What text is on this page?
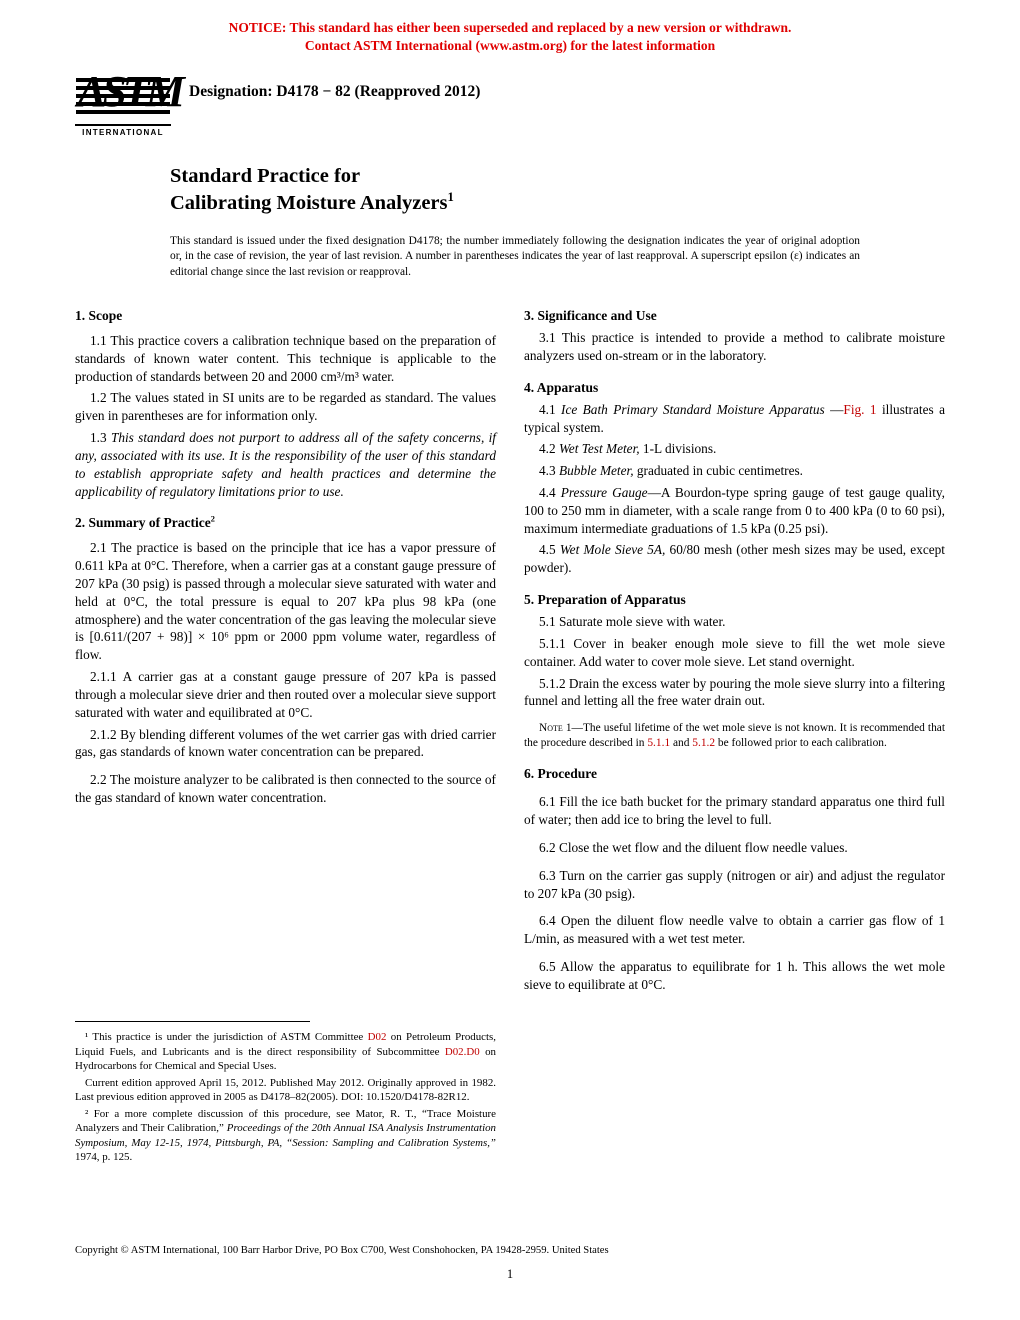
NOTICE: This standard has either been superseded and replaced by a new version or withdrawn.
Contact ASTM International (www.astm.org) for the latest information
ASTM
INTERNATIONAL
Designation: D4178 − 82 (Reapproved 2012)
Standard Practice for
Calibrating Moisture Analyzers$^1$

This standard is issued under the fixed designation D4178; the number immediately following the designation indicates the year of original adoption or, in the case of revision, the year of last revision. A number in parentheses indicates the year of last reapproval. A superscript epsilon (ε) indicates an editorial change since the last revision or reapproval.

1. Scope

1.1 This practice covers a calibration technique based on the preparation of standards of known water content. This technique is applicable to the production of standards between 20 and 2000 cm³/m³ water.

1.2 The values stated in SI units are to be regarded as standard. The values given in parentheses are for information only.

1.3 This standard does not purport to address all of the safety concerns, if any, associated with its use. It is the responsibility of the user of this standard to establish appropriate safety and health practices and determine the applicability of regulatory limitations prior to use.

2. Summary of Practice$^2$

2.1 The practice is based on the principle that ice has a vapor pressure of 0.611 kPa at 0°C. Therefore, when a carrier gas at a constant gauge pressure of 207 kPa (30 psig) is passed through a molecular sieve saturated with water and held at 0°C, the total pressure is equal to 207 kPa plus 98 kPa (one atmosphere) and the water concentration of the gas leaving the molecular sieve is [0.611/(207 + 98)] × 10⁶ ppm or 2000 ppm volume water, regardless of flow.

2.1.1 A carrier gas at a constant gauge pressure of 207 kPa is passed through a molecular sieve drier and then routed over a molecular sieve support saturated with water and equilibrated at 0°C.

2.1.2 By blending different volumes of the wet carrier gas with dried carrier gas, gas standards of known water concentration can be prepared.

2.2 The moisture analyzer to be calibrated is then connected to the source of the gas standard of known water concentration.

¹ This practice is under the jurisdiction of ASTM Committee D02 on Petroleum Products, Liquid Fuels, and Lubricants and is the direct responsibility of Subcommittee D02.D0 on Hydrocarbons for Chemical and Special Uses.

Current edition approved April 15, 2012. Published May 2012. Originally approved in 1982. Last previous edition approved in 2005 as D4178–82(2005). DOI: 10.1520/D4178-82R12.

² For a more complete discussion of this procedure, see Mator, R. T., “Trace Moisture Analyzers and Their Calibration,” Proceedings of the 20th Annual ISA Analysis Instrumentation Symposium, May 12-15, 1974, Pittsburgh, PA, “Session: Sampling and Calibration Systems,” 1974, p. 125.

3. Significance and Use

3.1 This practice is intended to provide a method to calibrate moisture analyzers used on-stream or in the laboratory.

4. Apparatus

4.1 Ice Bath Primary Standard Moisture Apparatus —Fig. 1 illustrates a typical system.

4.2 Wet Test Meter, 1-L divisions.

4.3 Bubble Meter, graduated in cubic centimetres.

4.4 Pressure Gauge—A Bourdon-type spring gauge of test gauge quality, 100 to 250 mm in diameter, with a scale range from 0 to 400 kPa (0 to 60 psi), maximum intermediate graduations of 1.5 kPa (0.25 psi).

4.5 Wet Mole Sieve 5A, 60/80 mesh (other mesh sizes may be used, except powder).

5. Preparation of Apparatus

5.1 Saturate mole sieve with water.

5.1.1 Cover in beaker enough mole sieve to fill the wet mole sieve container. Add water to cover mole sieve. Let stand overnight.

5.1.2 Drain the excess water by pouring the mole sieve slurry into a filtering funnel and letting all the free water drain out.

Note 1—The useful lifetime of the wet mole sieve is not known. It is recommended that the procedure described in 5.1.1 and 5.1.2 be followed prior to each calibration.

6. Procedure

6.1 Fill the ice bath bucket for the primary standard apparatus one third full of water; then add ice to bring the level to full.

6.2 Close the wet flow and the diluent flow needle values.

6.3 Turn on the carrier gas supply (nitrogen or air) and adjust the regulator to 207 kPa (30 psig).

6.4 Open the diluent flow needle valve to obtain a carrier gas flow of 1 L/min, as measured with a wet test meter.

6.5 Allow the apparatus to equilibrate for 1 h. This allows the wet mole sieve to equilibrate at 0°C.

Copyright © ASTM International, 100 Barr Harbor Drive, PO Box C700, West Conshohocken, PA 19428-2959. United States
1
